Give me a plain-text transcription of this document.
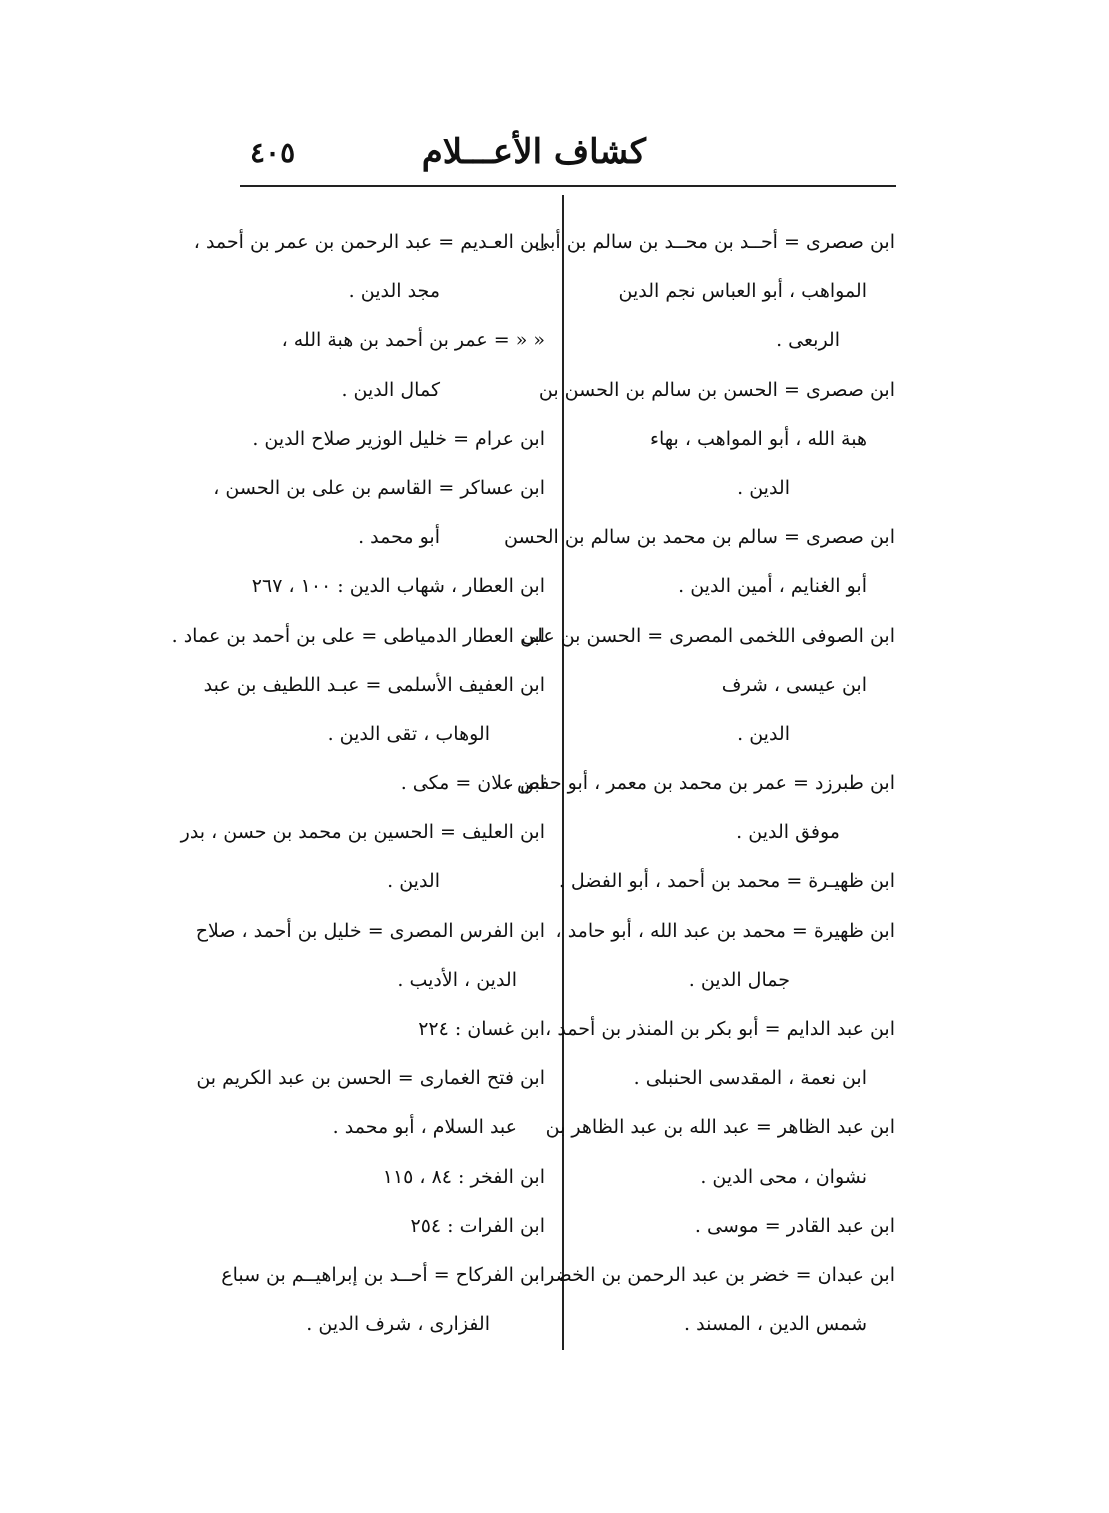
كشاف الأعـــلام
٤٠٥
ابن صصرى = أحــد بن محــد بن سالم بن أبى
المواهب ، أبو العباس نجم الدين
الربعى .
ابن صصرى = الحسن بن سالم بن الحسن بن
هبة الله ، أبو المواهب ، بهاء
الدين .
ابن صصرى = سالم بن محمد بن سالم بن الحسن
أبو الغنايم ، أمين الدين .
ابن الصوفى اللخمى المصرى = الحسن بن على
ابن عيسى ، شرف
الدين .
ابن طبرزد = عمر بن محمد بن معمر ، أبو حفص ،
موفق الدين .
ابن ظهيـرة = محمد بن أحمد ، أبو الفضل .
ابن ظهيرة = محمد بن عبد الله ، أبو حامد ،
جمال الدين .
ابن عبد الدايم = أبو بكر بن المنذر بن أحمد ،
ابن نعمة ، المقدسى الحنبلى .
ابن عبد الظاهر = عبد الله بن عبد الظاهر بن
نشوان ، محى الدين .
ابن عبد القادر = موسى .
ابن عبدان = خضر بن عبد الرحمن بن الخضر ،
شمس الدين ، المسند .
ابن العـديم = عبد الرحمن بن عمر بن أحمد ،
مجد الدين .
« « = عمر بن أحمد بن هبة الله ،
كمال الدين .
ابن عرام = خليل الوزير صلاح الدين .
ابن عساكر = القاسم بن على بن الحسن ،
أبو محمد .
ابن العطار ، شهاب الدين : ١٠٠ ، ٢٦٧
ابن العطار الدمياطى = على بن أحمد بن عماد .
ابن العفيف الأسلمى = عبـد اللطيف بن عبد
الوهاب ، تقى الدين .
ابن علان = مكى .
ابن العليف = الحسين بن محمد بن حسن ، بدر
الدين .
ابن الفرس المصرى = خليل بن أحمد ، صلاح
الدين ، الأديب .
ابن غسان : ٢٢٤
ابن فتح الغمارى = الحسن بن عبد الكريم بن
عبد السلام ، أبو محمد .
ابن الفخر : ٨٤ ، ١١٥
ابن الفرات : ٢٥٤
ابن الفركاح = أحــد بن إبراهيــم بن سباع
الفزارى ، شرف الدين .
